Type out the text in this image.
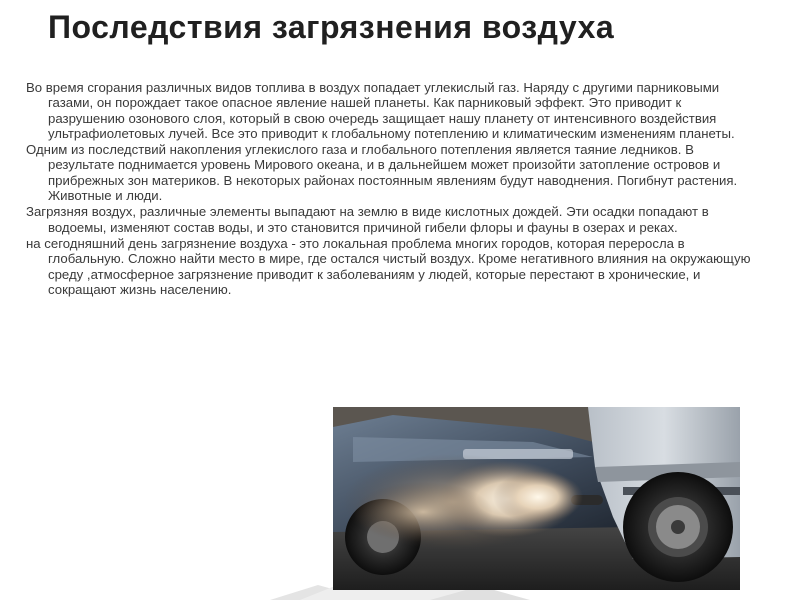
Последствия загрязнения воздуха

Во время сгорания различных видов топлива в воздух попадает углекислый газ. Наряду с другими парниковыми газами, он порождает такое опасное явление нашей планеты. Как парниковый эффект. Это приводит к разрушению озонового слоя, который в свою очередь защищает нашу планету от интенсивного воздействия ультрафиолетовых лучей. Все это приводит к глобальному потеплению и климатическим изменениям планеты.

Одним из последствий накопления углекислого газа и глобального потепления является таяние ледников. В результате поднимается уровень Мирового океана, и в дальнейшем может произойти затопление островов и прибрежных зон материков. В некоторых районах постоянным явлениям будут наводнения. Погибнут растения. Животные и люди.

Загрязняя воздух, различные элементы выпадают на землю в виде кислотных дождей. Эти осадки попадают в водоемы, изменяют состав воды, и это становится причиной гибели флоры и фауны в озерах и реках.

на сегодняшний день загрязнение воздуха - это локальная проблема многих городов, которая переросла в глобальную. Сложно найти место в мире, где остался чистый воздух. Кроме негативного влияния на окружающую среду ,атмосферное загрязнение приводит к заболеваниям у людей, которые перестают в хронические, и сокращают жизнь населению.
